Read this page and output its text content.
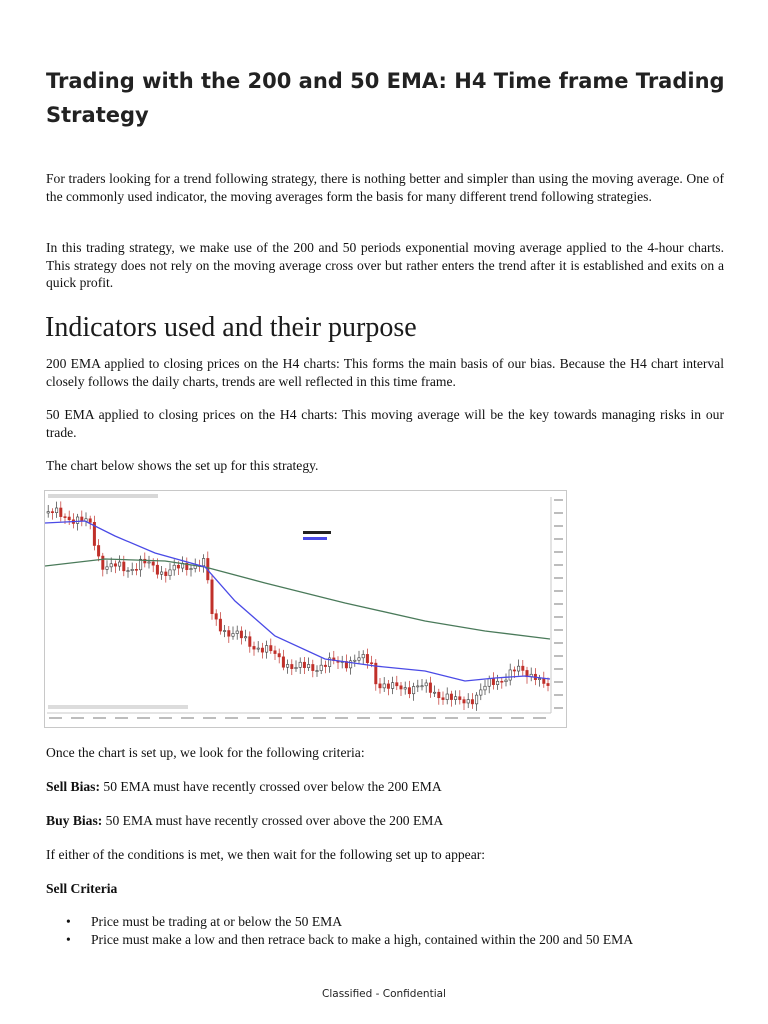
Trading with the 200 and 50 EMA: H4 Time frame Trading Strategy

For traders looking for a trend following strategy, there is nothing better and simpler than using the moving average. One of the commonly used indicator, the moving averages form the basis for many different trend following strategies.

In this trading strategy, we make use of the 200 and 50 periods exponential moving average applied to the 4-hour charts. This strategy does not rely on the moving average cross over but rather enters the trend after it is established and exits on a quick profit.

Indicators used and their purpose

200 EMA applied to closing prices on the H4 charts: This forms the main basis of our bias. Because the H4 chart interval closely follows the daily charts, trends are well reflected in this time frame.

50 EMA applied to closing prices on the H4 charts: This moving average will be the key towards managing risks in our trade.

The chart below shows the set up for this strategy.

Once the chart is set up, we look for the following criteria:

Sell Bias: 50 EMA must have recently crossed over below the 200 EMA

Buy Bias: 50 EMA must have recently crossed over above the 200 EMA

If either of the conditions is met, we then wait for the following set up to appear:

Sell Criteria

• Price must be trading at or below the 50 EMA
• Price must make a low and then retrace back to make a high, contained within the 200 and 50 EMA
Classified - Confidential
